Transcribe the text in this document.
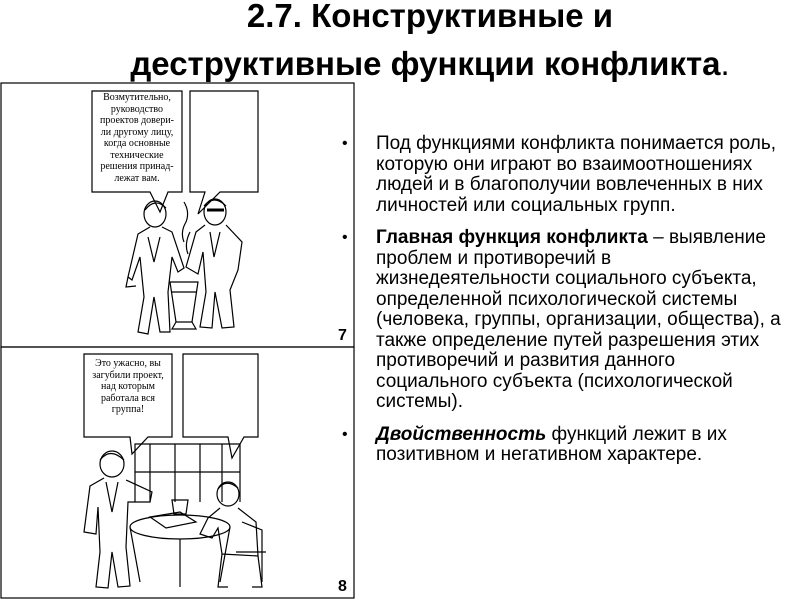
2.7. Конструктивные и
деструктивные функции конфликта.
Возмутительно,
руководство
проектов довери-
ли другому лицу,
когда основные
технические
решения принад-
лежат вам.
Это ужасно, вы
загубили проект,
над которым
работала вся
группа!
7
8
• Под функциями конфликта понимается роль, которую они играют во взаимоотношениях людей и в благополучии вовлеченных в них личностей или социальных групп.
• Главная функция конфликта – выявление проблем и противоречий в жизнедеятельности социального субъекта, определенной психологической системы (человека, группы, организации, общества), а также определение путей разрешения этих противоречий и развития данного социального субъекта (психологической системы).
• Двойственность функций лежит в их позитивном и негативном характере.
